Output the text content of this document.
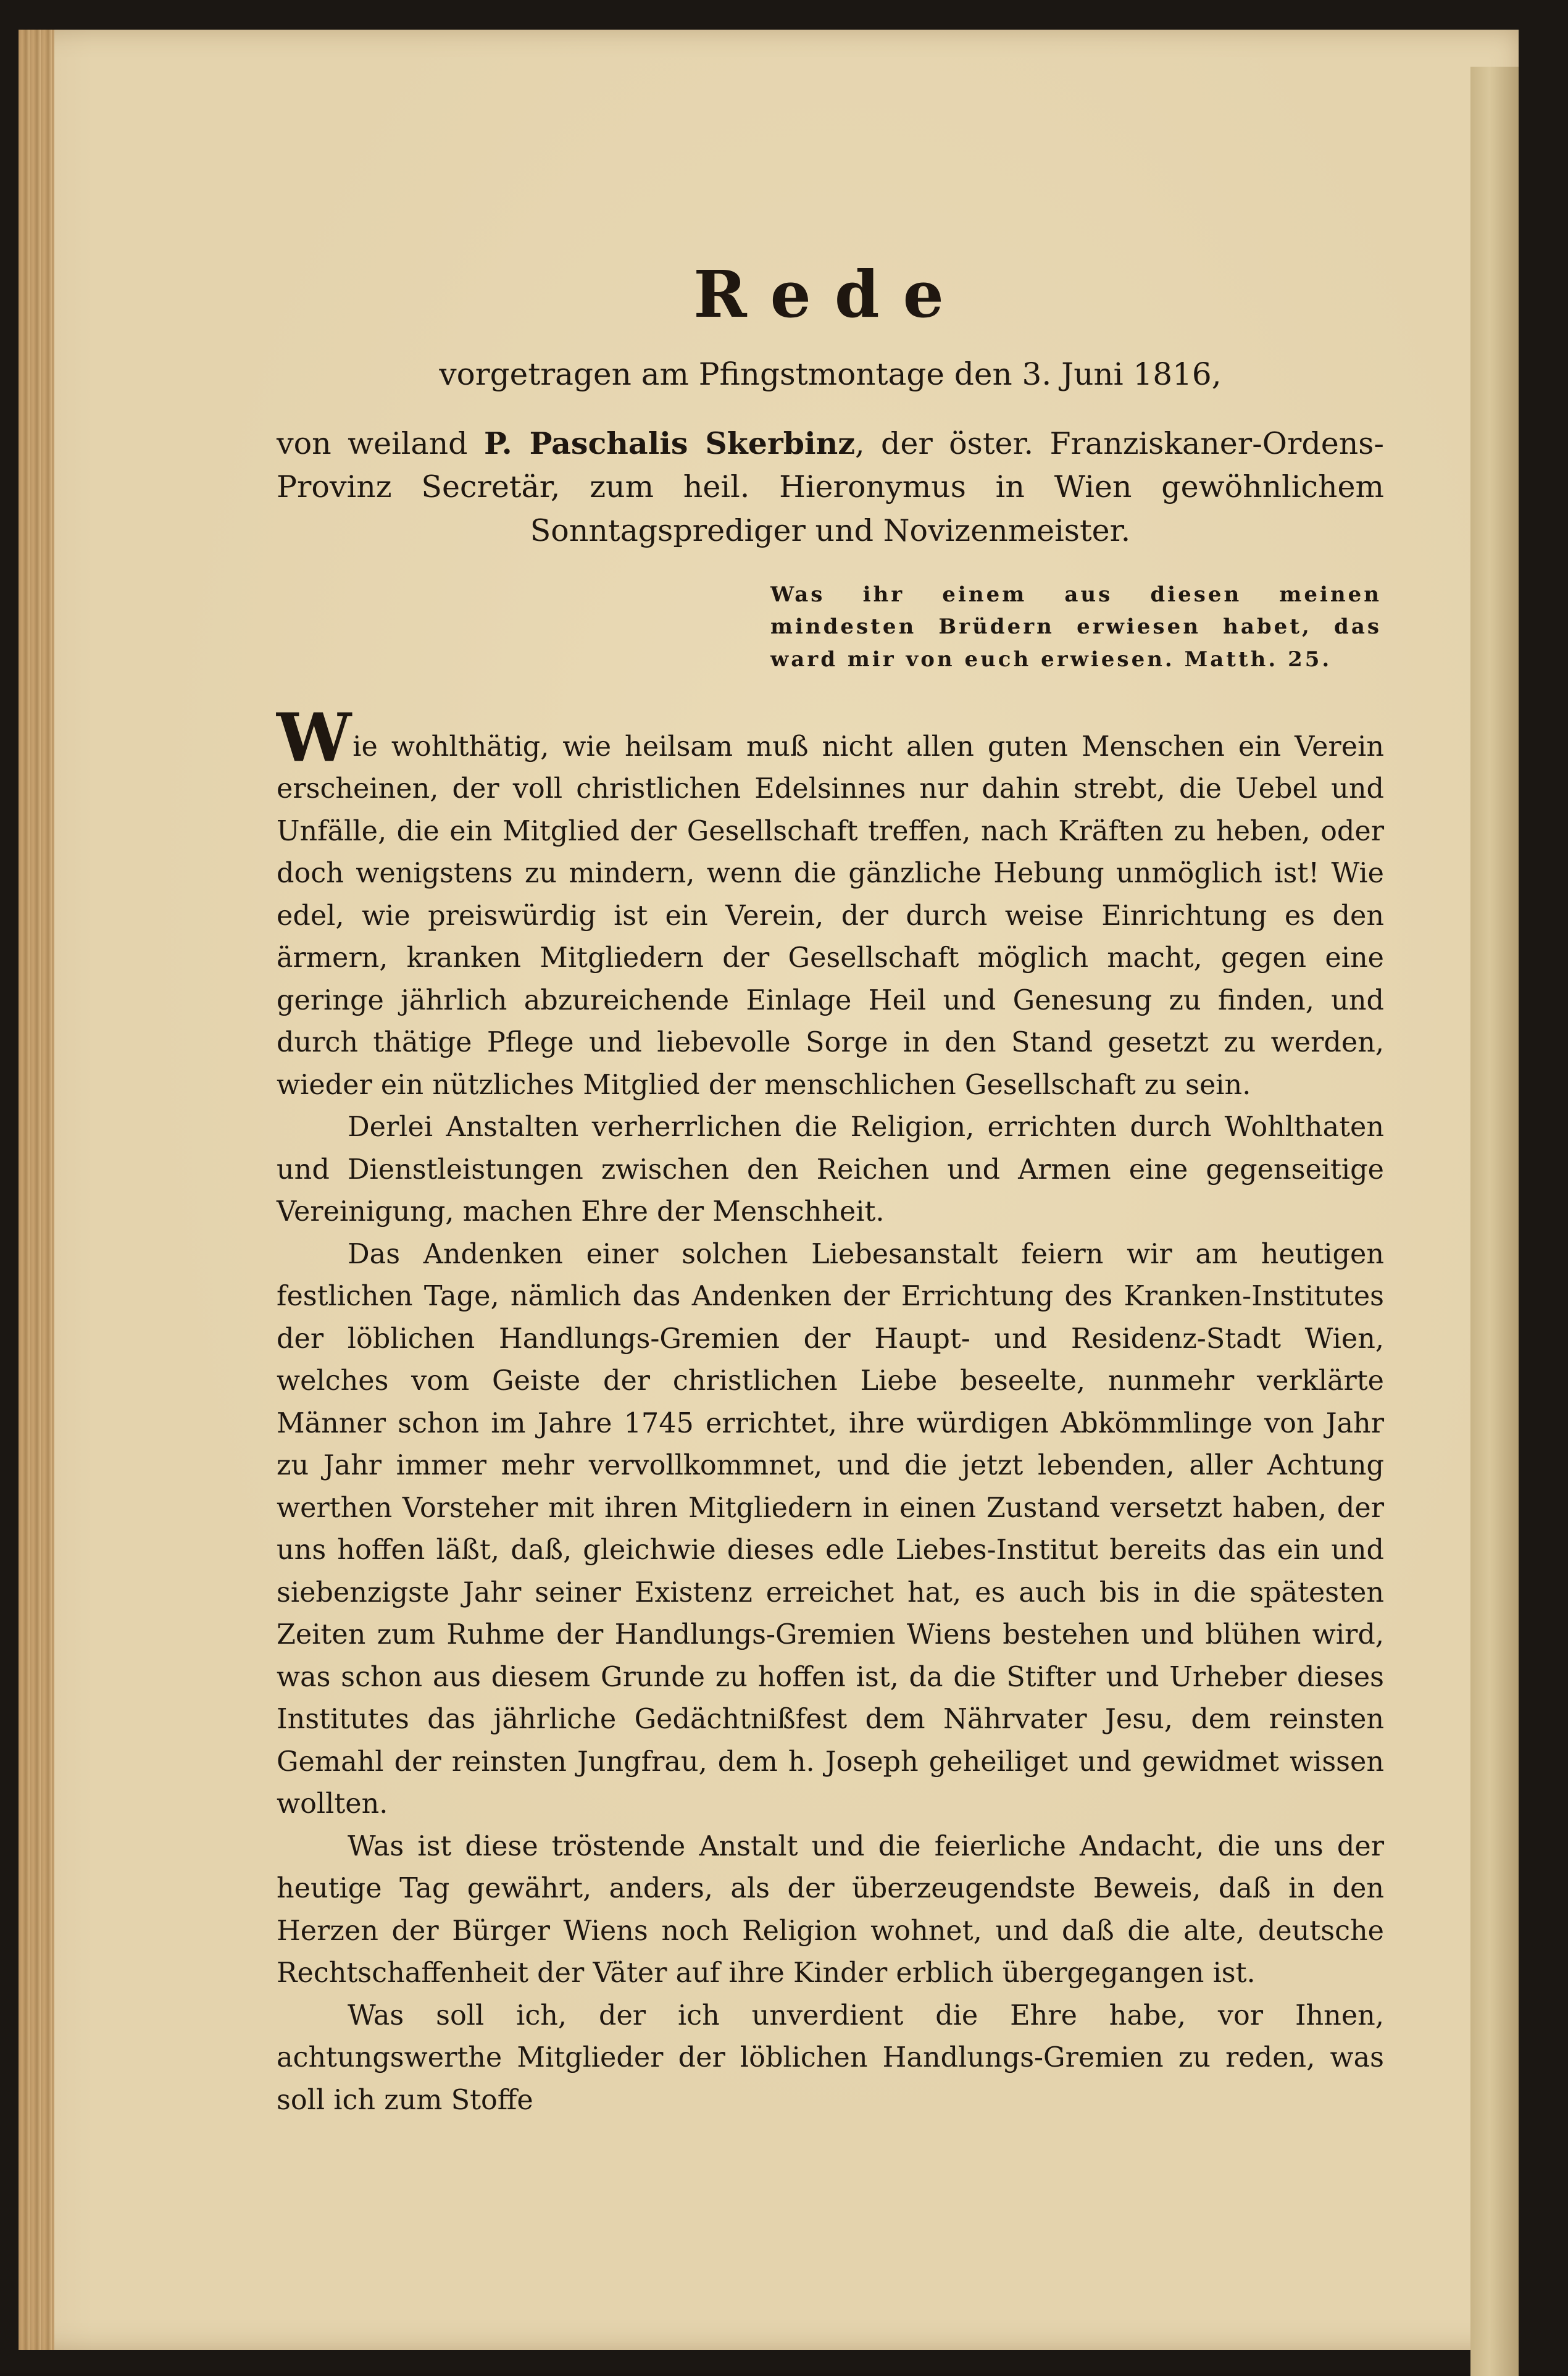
Rede
vorgetragen am Pfingstmontage den 3. Juni 1816,
von weiland P. Paschalis Skerbinz, der öster. Franziskaner-Ordens-Provinz Secretär, zum heil. Hieronymus in Wien gewöhnlichem Sonntagsprediger und Novizenmeister.
Was ihr einem aus diesen meinen mindesten Brüdern erwiesen habet, das ward mir von euch erwiesen. Matth. 25.

Wie wohlthätig, wie heilsam muß nicht allen guten Menschen ein Verein erscheinen, der voll christlichen Edelsinnes nur dahin strebt, die Uebel und Unfälle, die ein Mitglied der Gesellschaft treffen, nach Kräften zu heben, oder doch wenigstens zu mindern, wenn die gänzliche Hebung unmöglich ist! Wie edel, wie preiswürdig ist ein Verein, der durch weise Einrichtung es den ärmern, kranken Mitgliedern der Gesellschaft möglich macht, gegen eine geringe jährlich abzureichende Einlage Heil und Genesung zu finden, und durch thätige Pflege und liebevolle Sorge in den Stand gesetzt zu werden, wieder ein nützliches Mitglied der menschlichen Gesellschaft zu sein.

Derlei Anstalten verherrlichen die Religion, errichten durch Wohlthaten und Dienstleistungen zwischen den Reichen und Armen eine gegenseitige Vereinigung, machen Ehre der Menschheit.

Das Andenken einer solchen Liebesanstalt feiern wir am heutigen festlichen Tage, nämlich das Andenken der Errichtung des Kranken-Institutes der löblichen Handlungs-Gremien der Haupt- und Residenz-Stadt Wien, welches vom Geiste der christlichen Liebe beseelte, nunmehr verklärte Männer schon im Jahre 1745 errichtet, ihre würdigen Abkömmlinge von Jahr zu Jahr immer mehr vervollkommnet, und die jetzt lebenden, aller Achtung werthen Vorsteher mit ihren Mitgliedern in einen Zustand versetzt haben, der uns hoffen läßt, daß, gleichwie dieses edle Liebes-Institut bereits das ein und siebenzigste Jahr seiner Existenz erreichet hat, es auch bis in die spätesten Zeiten zum Ruhme der Handlungs-Gremien Wiens bestehen und blühen wird, was schon aus diesem Grunde zu hoffen ist, da die Stifter und Urheber dieses Institutes das jährliche Gedächtnißfest dem Nährvater Jesu, dem reinsten Gemahl der reinsten Jungfrau, dem h. Joseph geheiliget und gewidmet wissen wollten.

Was ist diese tröstende Anstalt und die feierliche Andacht, die uns der heutige Tag gewährt, anders, als der überzeugendste Beweis, daß in den Herzen der Bürger Wiens noch Religion wohnet, und daß die alte, deutsche Rechtschaffenheit der Väter auf ihre Kinder erblich übergegangen ist.

Was soll ich, der ich unverdient die Ehre habe, vor Ihnen, achtungswerthe Mitglieder der löblichen Handlungs-Gremien zu reden, was soll ich zum Stoffe
